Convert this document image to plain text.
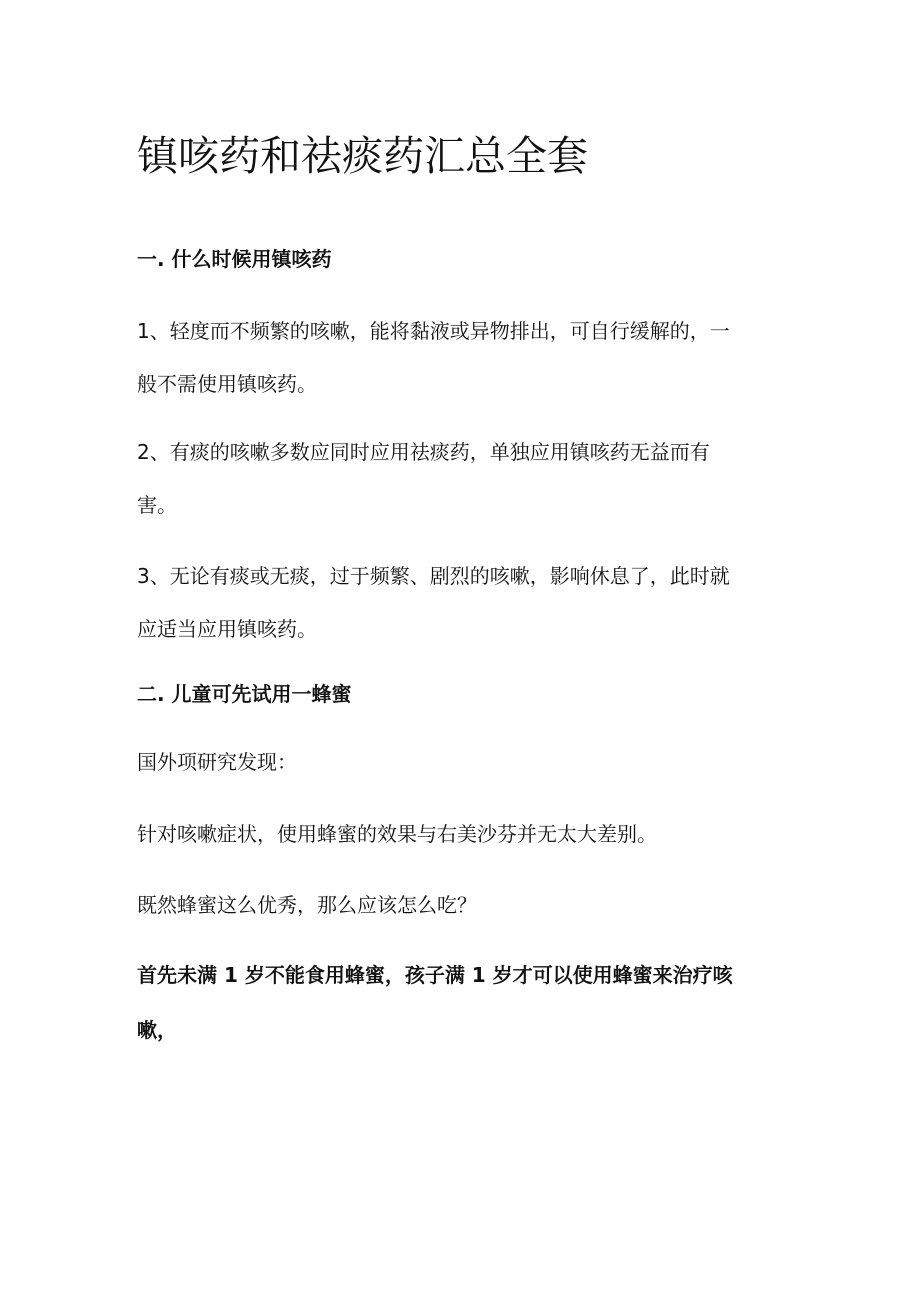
镇咳药和祛痰药汇总全套

一. 什么时候用镇咳药

1、轻度而不频繁的咳嗽，能将黏液或异物排出，可自行缓解的，一

般不需使用镇咳药。

2、有痰的咳嗽多数应同时应用祛痰药，单独应用镇咳药无益而有

害。

3、无论有痰或无痰，过于频繁、剧烈的咳嗽，影响休息了，此时就

应适当应用镇咳药。

二. 儿童可先试用一蜂蜜

国外项研究发现：

针对咳嗽症状，使用蜂蜜的效果与右美沙芬并无太大差别。

既然蜂蜜这么优秀，那么应该怎么吃？

首先未满 1 岁不能食用蜂蜜，孩子满 1 岁才可以使用蜂蜜来治疗咳

嗽，
